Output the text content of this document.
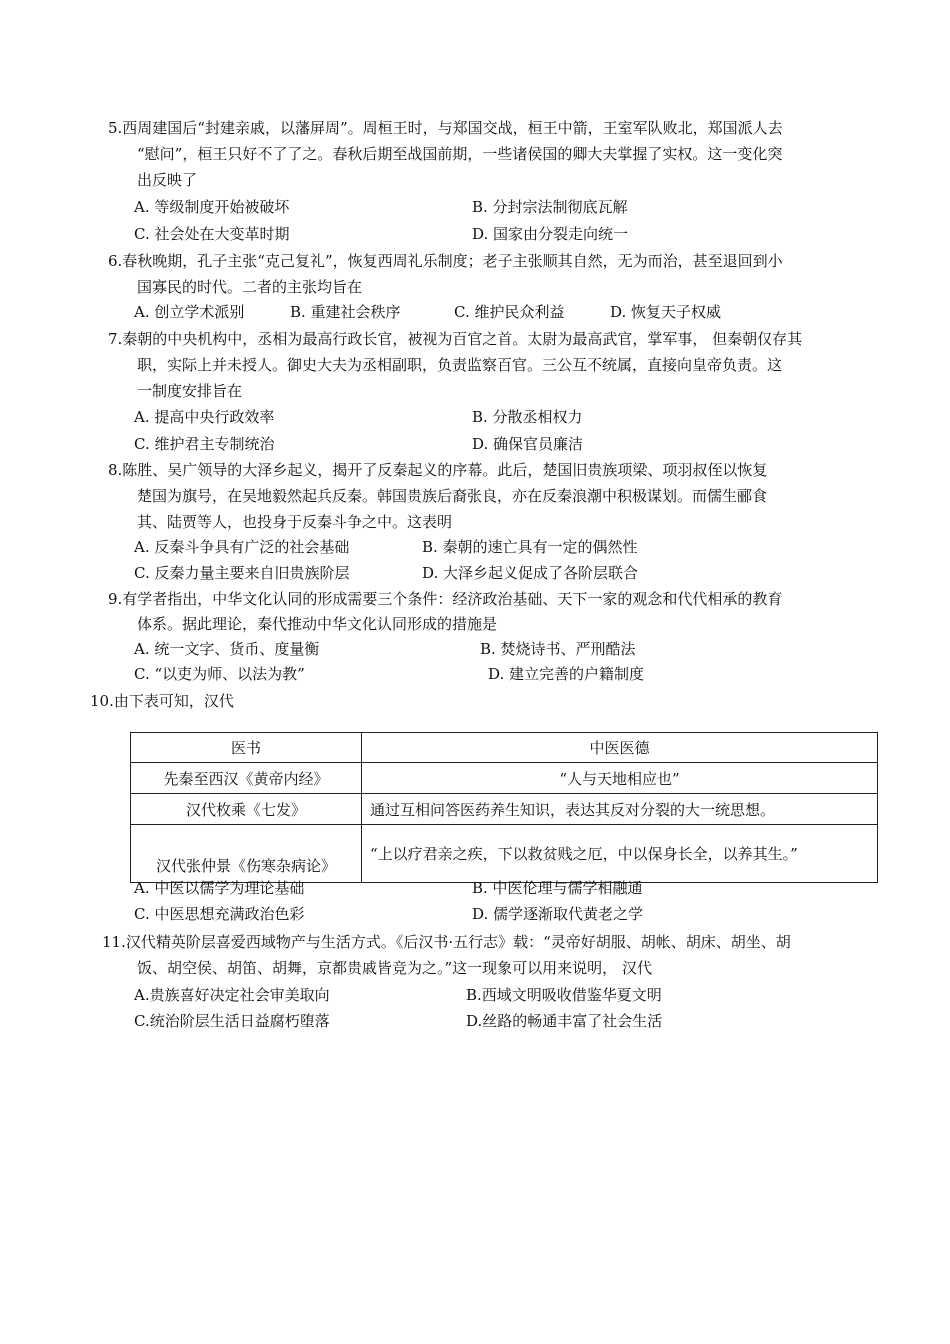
5.西周建国后“封建亲戚，以藩屏周”。周桓王时，与郑国交战，桓王中箭，王室军队败北，郑国派人去
“慰问”，桓王只好不了了之。春秋后期至战国前期，一些诸侯国的卿大夫掌握了实权。这一变化突
出反映了
A. 等级制度开始被破坏	B. 分封宗法制彻底瓦解
C. 社会处在大变革时期	D. 国家由分裂走向统一
6.春秋晚期，孔子主张“克己复礼”，恢复西周礼乐制度；老子主张顺其自然，无为而治，甚至退回到小
国寡民的时代。二者的主张均旨在
A. 创立学术派别	B. 重建社会秩序	C. 维护民众利益	D. 恢复天子权威
7.秦朝的中央机构中，丞相为最高行政长官，被视为百官之首。太尉为最高武官，掌军事， 但秦朝仅存其
职，实际上并未授人。御史大夫为丞相副职，负责监察百官。三公互不统属，直接向皇帝负责。这
一制度安排旨在
A. 提高中央行政效率	B. 分散丞相权力
C. 维护君主专制统治	D. 确保官员廉洁
8.陈胜、吴广领导的大泽乡起义，揭开了反秦起义的序幕。此后，楚国旧贵族项梁、项羽叔侄以恢复
楚国为旗号，在吴地毅然起兵反秦。韩国贵族后裔张良，亦在反秦浪潮中积极谋划。而儒生郦食
其、陆贾等人，也投身于反秦斗争之中。这表明
A. 反秦斗争具有广泛的社会基础	B. 秦朝的速亡具有一定的偶然性
C. 反秦力量主要来自旧贵族阶层	D. 大泽乡起义促成了各阶层联合
9.有学者指出，中华文化认同的形成需要三个条件：经济政治基础、天下一家的观念和代代相承的教育
体系。据此理论，秦代推动中华文化认同形成的措施是
A. 统一文字、货币、度量衡	B. 焚烧诗书、严刑酷法
C. “以吏为师、以法为教”	D. 建立完善的户籍制度
10.由下表可知，汉代
医书	中医医德
先秦至西汉《黄帝内经》	“人与天地相应也”
汉代枚乘《七发》	通过互相问答医药养生知识，表达其反对分裂的大一统思想。
汉代张仲景《伤寒杂病论》	“上以疗君亲之疾，下以救贫贱之厄，中以保身长全，以养其生。”
A. 中医以儒学为理论基础	B. 中医伦理与儒学相融通
C. 中医思想充满政治色彩	D. 儒学逐渐取代黄老之学
11.汉代精英阶层喜爱西域物产与生活方式。《后汉书·五行志》载：“灵帝好胡服、胡帐、胡床、胡坐、胡
饭、胡空侯、胡笛、胡舞，京都贵戚皆竞为之。”这一现象可以用来说明， 汉代
A.贵族喜好决定社会审美取向	B.西域文明吸收借鉴华夏文明
C.统治阶层生活日益腐朽堕落	D.丝路的畅通丰富了社会生活
